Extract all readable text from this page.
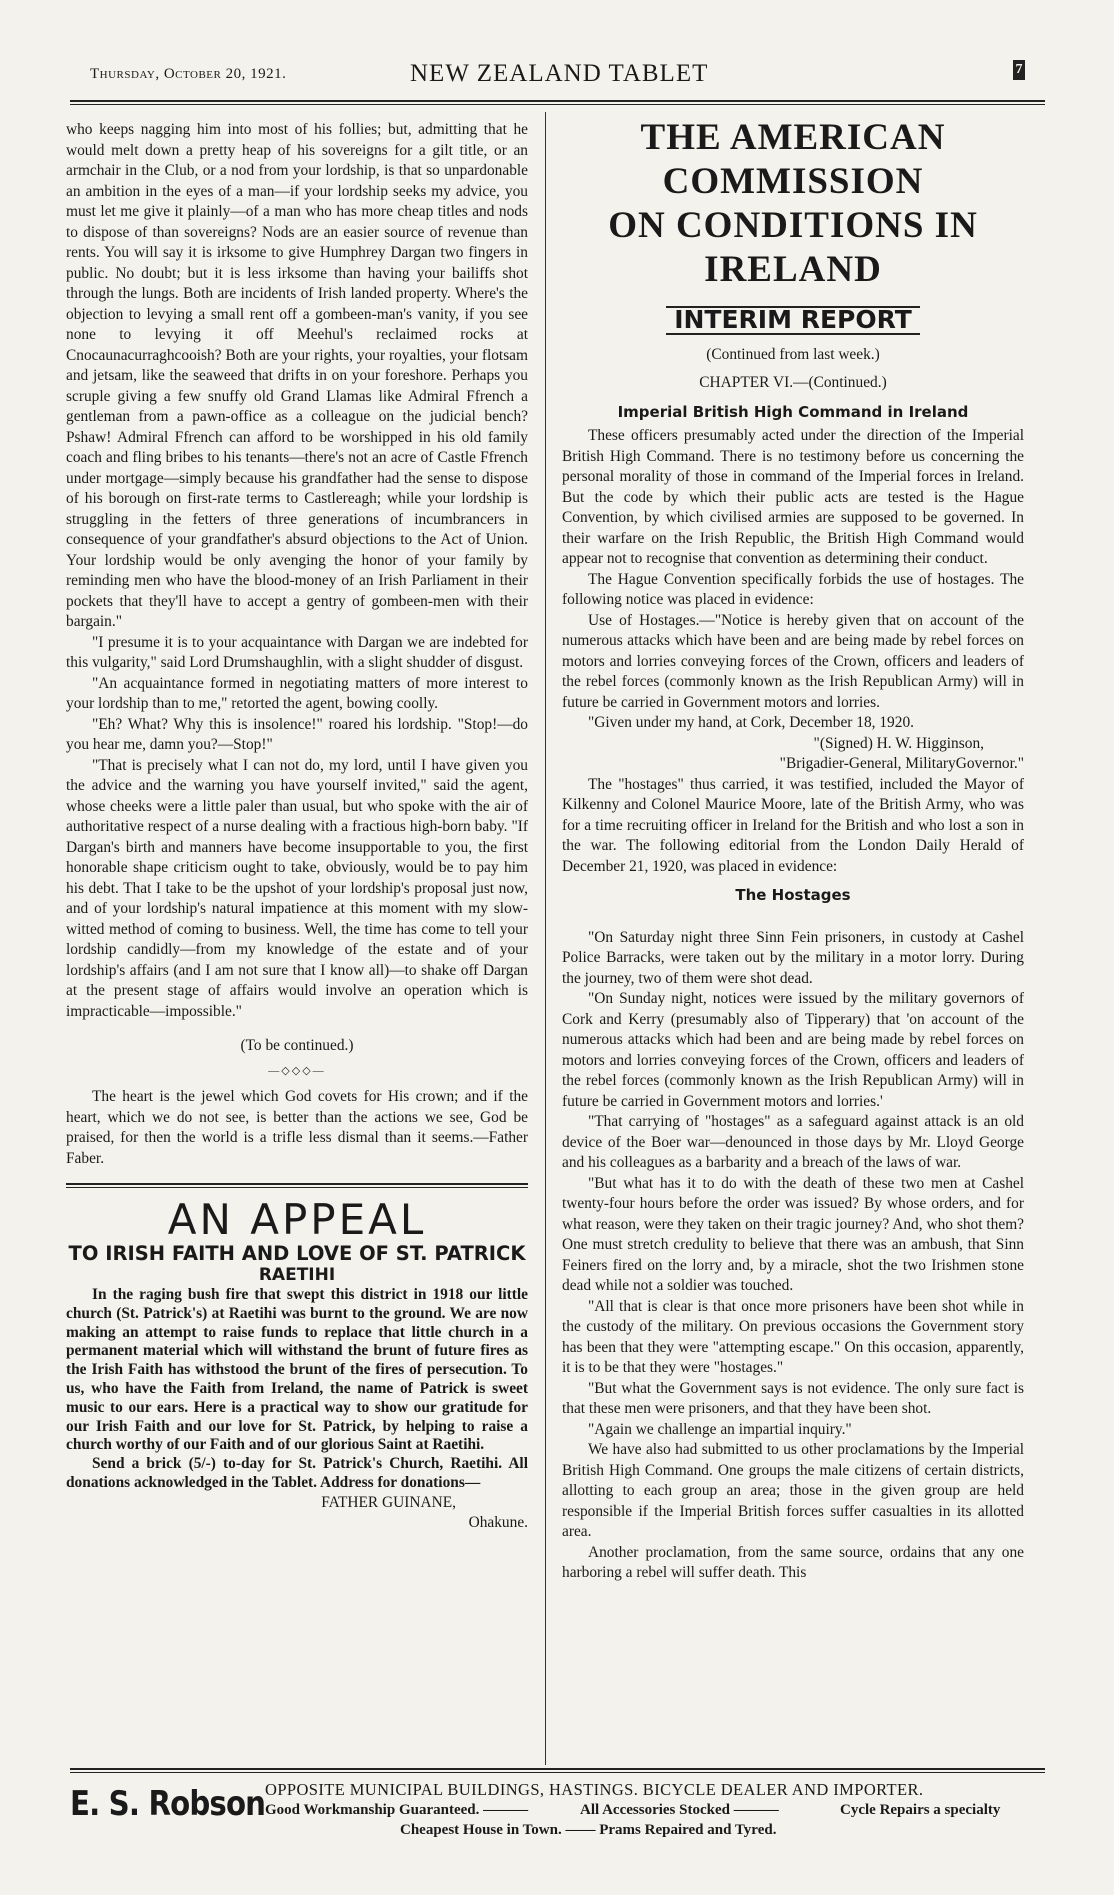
Thursday, October 20, 1921.	NEW ZEALAND TABLET	7

who keeps nagging him into most of his follies; but, admitting that he would melt down a pretty heap of his sovereigns for a gilt title, or an armchair in the Club, or a nod from your lordship, is that so unpardonable an ambition in the eyes of a man—if your lordship seeks my advice, you must let me give it plainly—of a man who has more cheap titles and nods to dispose of than sovereigns? Nods are an easier source of revenue than rents. You will say it is irksome to give Humphrey Dargan two fingers in public. No doubt; but it is less irksome than having your bailiffs shot through the lungs. Both are incidents of Irish landed property. Where's the objection to levying a small rent off a gombeen-man's vanity, if you see none to levying it off Meehul's reclaimed rocks at Cnocaunacurraghcooish? Both are your rights, your royalties, your flotsam and jetsam, like the seaweed that drifts in on your foreshore. Perhaps you scruple giving a few snuffy old Grand Llamas like Admiral Ffrench a gentleman from a pawn-office as a colleague on the judicial bench? Pshaw! Admiral Ffrench can afford to be worshipped in his old family coach and fling bribes to his tenants—there's not an acre of Castle Ffrench under mortgage—simply because his grandfather had the sense to dispose of his borough on first-rate terms to Castlereagh; while your lordship is struggling in the fetters of three generations of incumbrancers in consequence of your grandfather's absurd objections to the Act of Union. Your lordship would be only avenging the honor of your family by reminding men who have the blood-money of an Irish Parliament in their pockets that they'll have to accept a gentry of gombeen-men with their bargain."

"I presume it is to your acquaintance with Dargan we are indebted for this vulgarity," said Lord Drumshaughlin, with a slight shudder of disgust.

"An acquaintance formed in negotiating matters of more interest to your lordship than to me," retorted the agent, bowing coolly.

"Eh? What? Why this is insolence!" roared his lordship. "Stop!—do you hear me, damn you?—Stop!"

"That is precisely what I can not do, my lord, until I have given you the advice and the warning you have yourself invited," said the agent, whose cheeks were a little paler than usual, but who spoke with the air of authoritative respect of a nurse dealing with a fractious high-born baby. "If Dargan's birth and manners have become insupportable to you, the first honorable shape criticism ought to take, obviously, would be to pay him his debt. That I take to be the upshot of your lordship's proposal just now, and of your lordship's natural impatience at this moment with my slow-witted method of coming to business. Well, the time has come to tell your lordship candidly—from my knowledge of the estate and of your lordship's affairs (and I am not sure that I know all)—to shake off Dargan at the present stage of affairs would involve an operation which is impracticable—impossible."

(To be continued.)
—◇◇◇—

The heart is the jewel which God covets for His crown; and if the heart, which we do not see, is better than the actions we see, God be praised, for then the world is a trifle less dismal than it seems.—Father Faber.

AN APPEAL
TO IRISH FAITH AND LOVE OF ST. PATRICK
RAETIHI

In the raging bush fire that swept this district in 1918 our little church (St. Patrick's) at Raetihi was burnt to the ground. We are now making an attempt to raise funds to replace that little church in a permanent material which will withstand the brunt of future fires as the Irish Faith has withstood the brunt of the fires of persecution. To us, who have the Faith from Ireland, the name of Patrick is sweet music to our ears. Here is a practical way to show our gratitude for our Irish Faith and our love for St. Patrick, by helping to raise a church worthy of our Faith and of our glorious Saint at Raetihi.

Send a brick (5/-) to-day for St. Patrick's Church, Raetihi. All donations acknowledged in the Tablet. Address for donations—

FATHER GUINANE,
Ohakune.
THE AMERICAN COMMISSION
ON CONDITIONS IN IRELAND
INTERIM REPORT
(Continued from last week.)
CHAPTER VI.—(Continued.)
Imperial British High Command in Ireland

These officers presumably acted under the direction of the Imperial British High Command. There is no testimony before us concerning the personal morality of those in command of the Imperial forces in Ireland. But the code by which their public acts are tested is the Hague Convention, by which civilised armies are supposed to be governed. In their warfare on the Irish Republic, the British High Command would appear not to recognise that convention as determining their conduct.

The Hague Convention specifically forbids the use of hostages. The following notice was placed in evidence:

Use of Hostages.—"Notice is hereby given that on account of the numerous attacks which have been and are being made by rebel forces on motors and lorries conveying forces of the Crown, officers and leaders of the rebel forces (commonly known as the Irish Republican Army) will in future be carried in Government motors and lorries.

"Given under my hand, at Cork, December 18, 1920.

"(Signed) H. W. Higginson,
"Brigadier-General, MilitaryGovernor."

The "hostages" thus carried, it was testified, included the Mayor of Kilkenny and Colonel Maurice Moore, late of the British Army, who was for a time recruiting officer in Ireland for the British and who lost a son in the war. The following editorial from the London Daily Herald of December 21, 1920, was placed in evidence:

The Hostages

"On Saturday night three Sinn Fein prisoners, in custody at Cashel Police Barracks, were taken out by the military in a motor lorry. During the journey, two of them were shot dead.

"On Sunday night, notices were issued by the military governors of Cork and Kerry (presumably also of Tipperary) that 'on account of the numerous attacks which had been and are being made by rebel forces on motors and lorries conveying forces of the Crown, officers and leaders of the rebel forces (commonly known as the Irish Republican Army) will in future be carried in Government motors and lorries.'

"That carrying of "hostages" as a safeguard against attack is an old device of the Boer war—denounced in those days by Mr. Lloyd George and his colleagues as a barbarity and a breach of the laws of war.

"But what has it to do with the death of these two men at Cashel twenty-four hours before the order was issued? By whose orders, and for what reason, were they taken on their tragic journey? And, who shot them? One must stretch credulity to believe that there was an ambush, that Sinn Feiners fired on the lorry and, by a miracle, shot the two Irishmen stone dead while not a soldier was touched.

"All that is clear is that once more prisoners have been shot while in the custody of the military. On previous occasions the Government story has been that they were "attempting escape." On this occasion, apparently, it is to be that they were "hostages."

"But what the Government says is not evidence. The only sure fact is that these men were prisoners, and that they have been shot.

"Again we challenge an impartial inquiry."

We have also had submitted to us other proclamations by the Imperial British High Command. One groups the male citizens of certain districts, allotting to each group an area; those in the given group are held responsible if the Imperial British forces suffer casualties in its allotted area.

Another proclamation, from the same source, ordains that any one harboring a rebel will suffer death. This

E. S. Robson OPPOSITE MUNICIPAL BUILDINGS, HASTINGS. BICYCLE DEALER AND IMPORTER.
Good Workmanship Guaranteed. ———	All Accessories Stocked ———	Cycle Repairs a specialty
Cheapest House in Town. —— Prams Repaired and Tyred.
